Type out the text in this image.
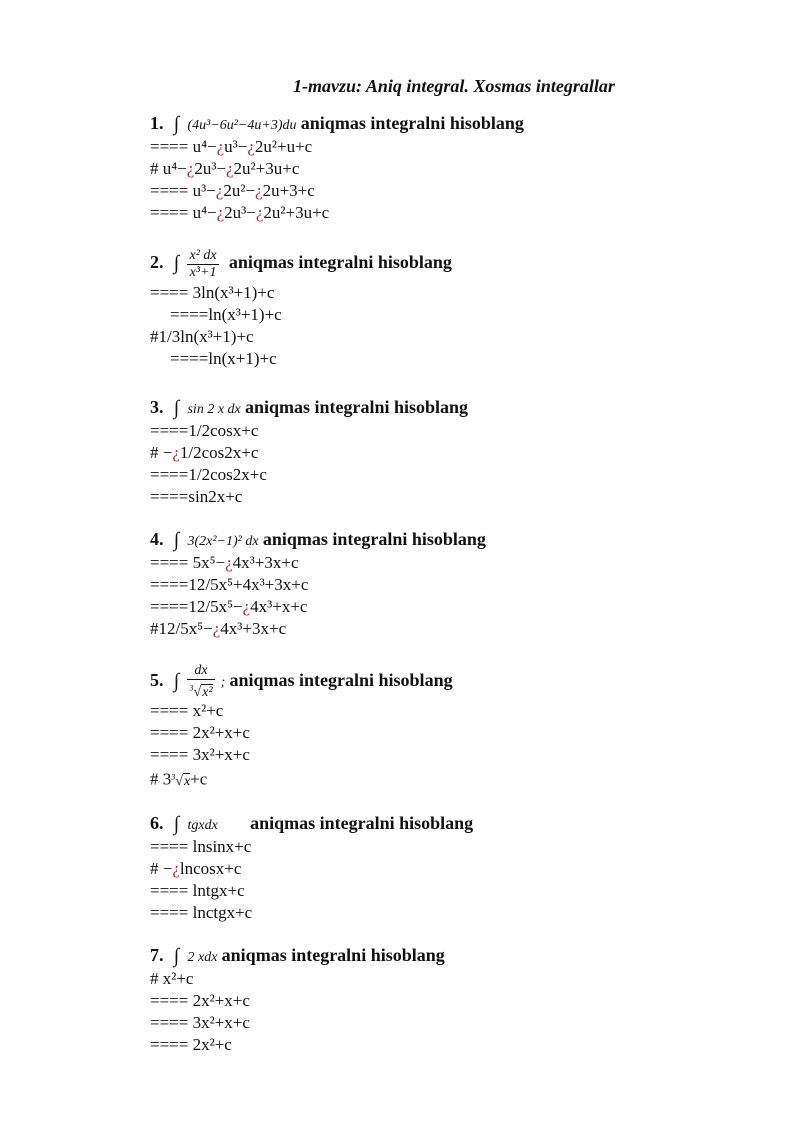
1-mavzu: Aniq integral. Xosmas integrallar
1. ∫ (4u³−6u²−4u+3)du aniqmas integralni hisoblang
==== u⁴−¿u³−¿2u²+u+c
# u⁴−¿2u³−¿2u²+3u+c
==== u³−¿2u²−¿2u+3+c
==== u⁴−¿2u³−¿2u²+3u+c
2. ∫ $\frac{\text{x² dx}}{\text{x³+1}}$ aniqmas integralni hisoblang
==== 3ln(x³+1)+c
====ln(x³+1)+c
#1/3ln(x³+1)+c
====ln(x+1)+c
3. ∫ sin 2 x dx aniqmas integralni hisoblang
====1/2cosx+c
# −¿1/2cos2x+c
====1/2cos2x+c
====sin2x+c
4. ∫ 3(2x²−1)² dx aniqmas integralni hisoblang
==== 5x⁵−¿4x³+3x+c
====12/5x⁵+4x³+3x+c
====12/5x⁵−¿4x³+x+c
#12/5x⁵−¿4x³+3x+c
5. ∫ $\frac{dx}{^3√x^2}$ ; aniqmas integralni hisoblang
==== x²+c
==== 2x²+x+c
==== 3x²+x+c
# $3^3√x+c$
6. ∫ tgxdx aniqmas integralni hisoblang
==== lnsinx+c
# −¿lncosx+c
==== lntgx+c
==== lnctgx+c
7. ∫ 2 xdx aniqmas integralni hisoblang
# x²+c
==== 2x²+x+c
==== 3x²+x+c
==== 2x²+c
